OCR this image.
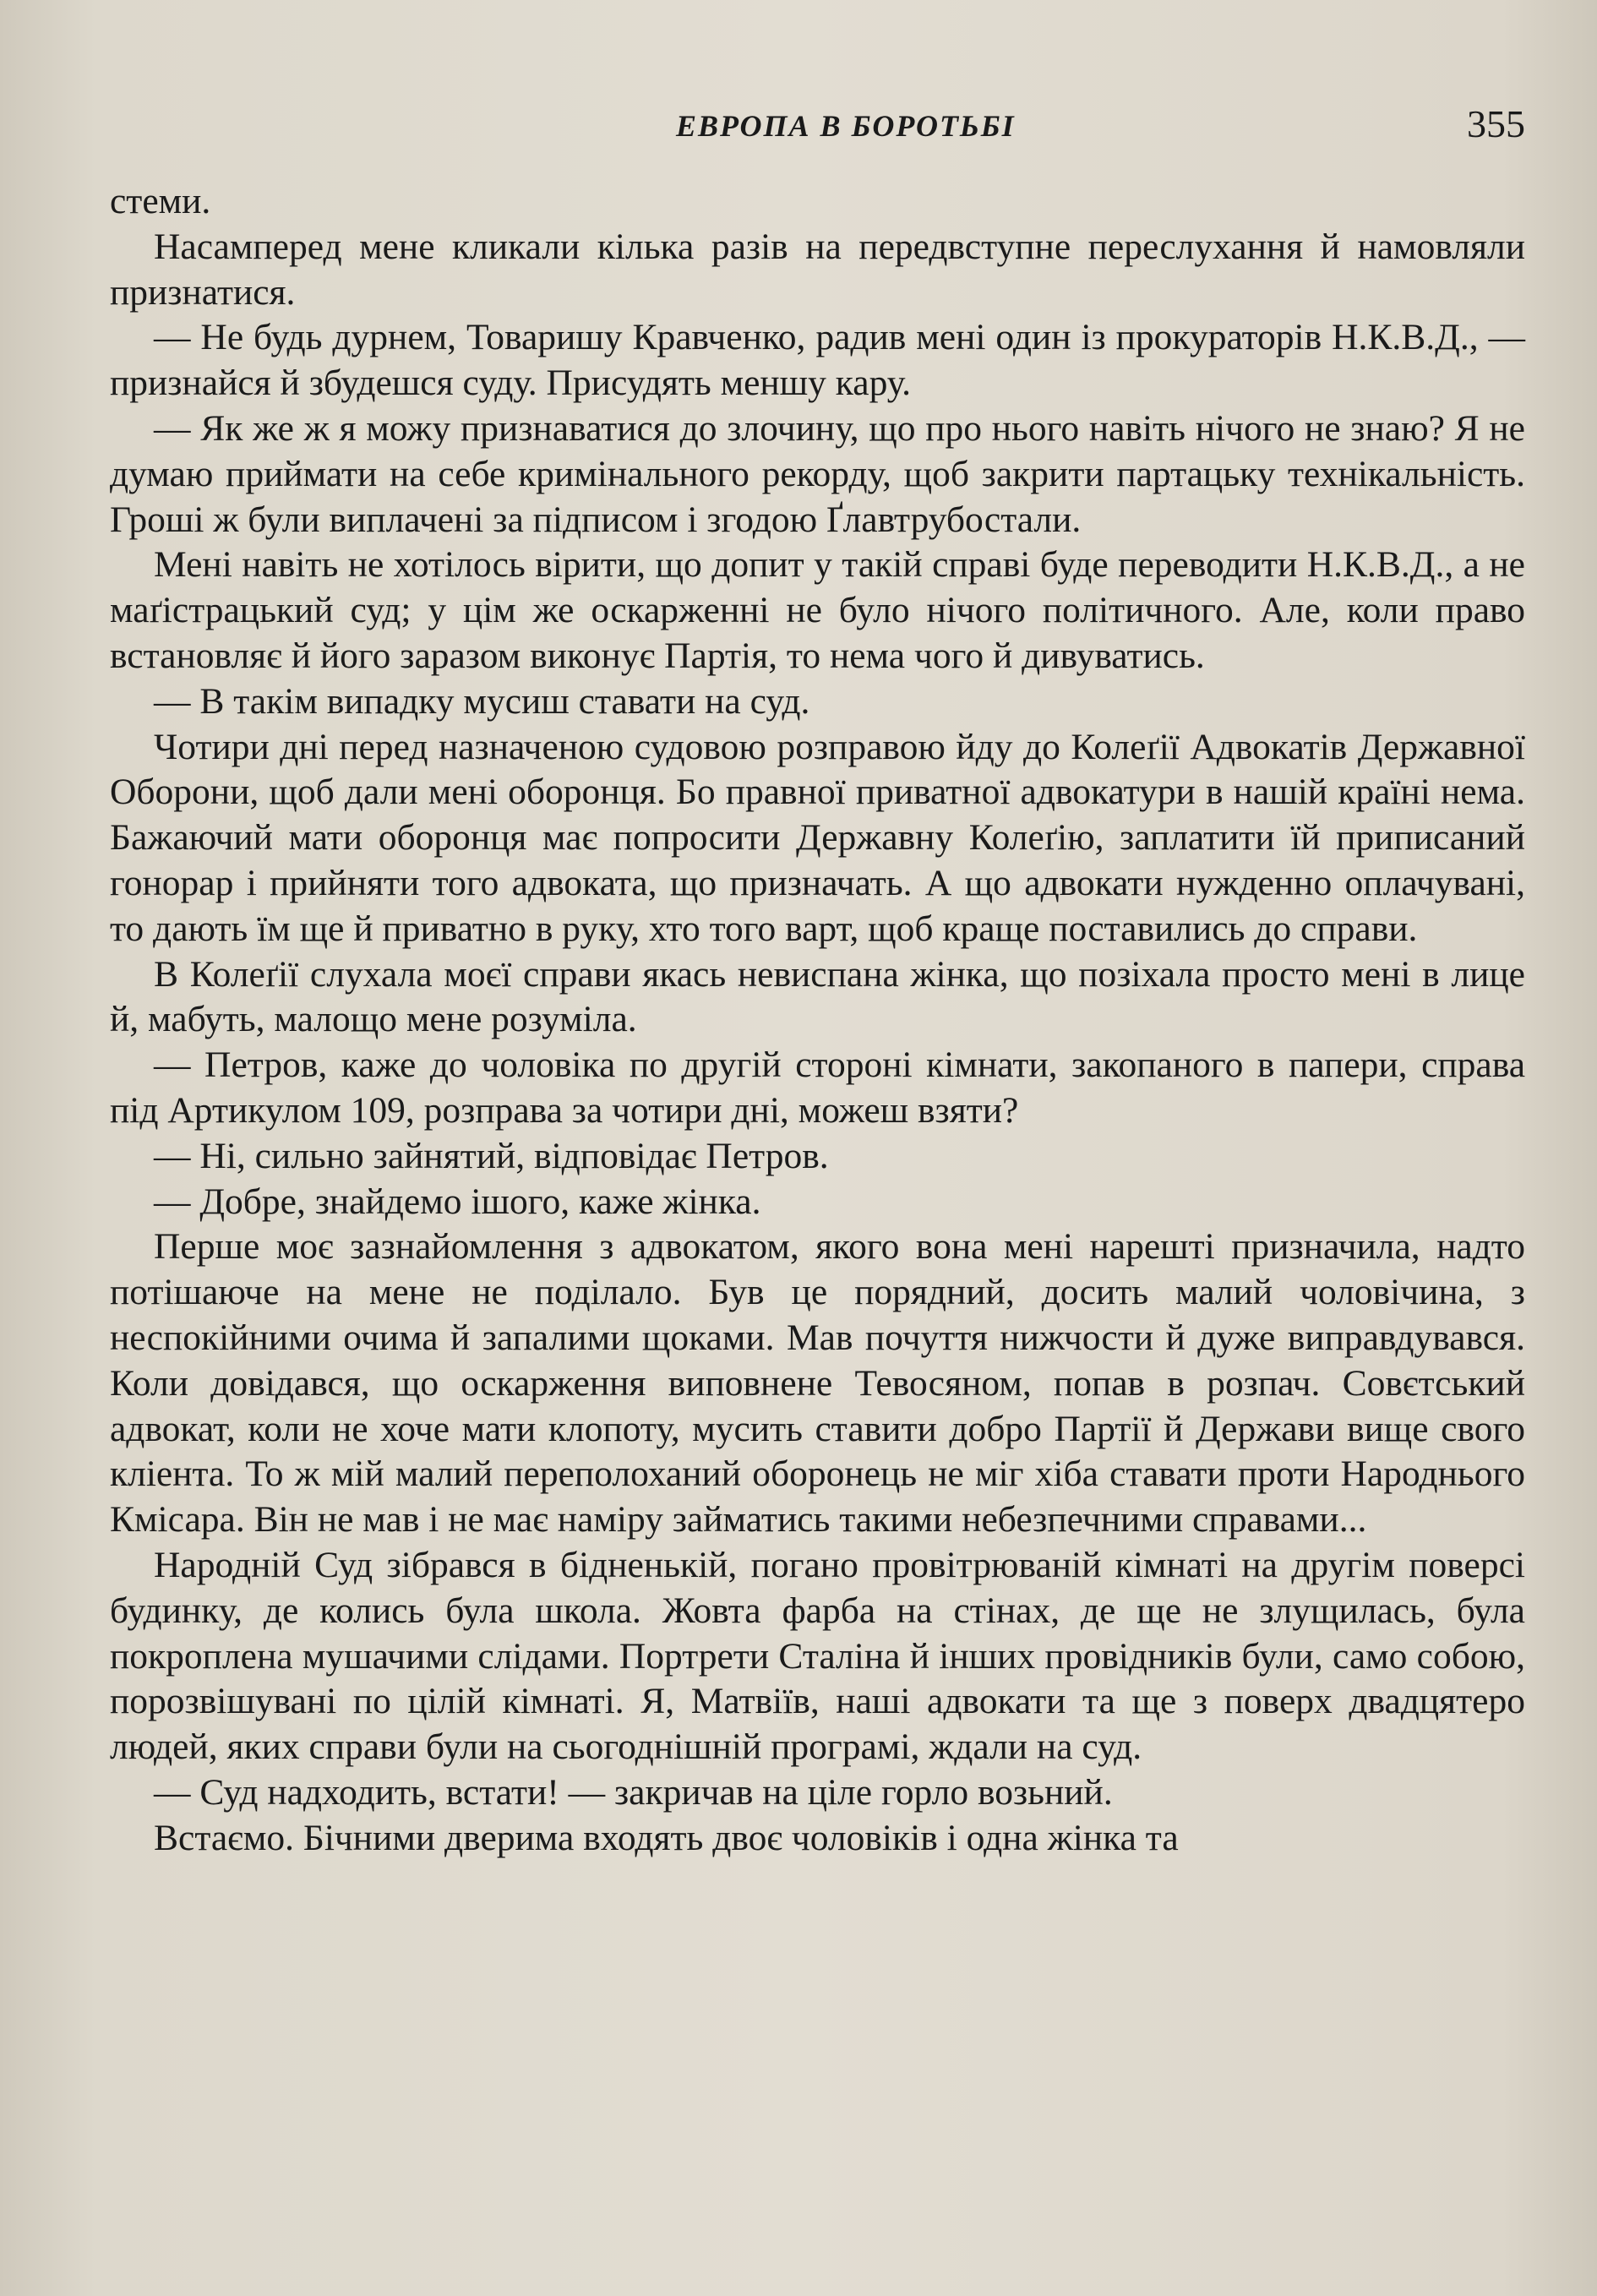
ЕВРОПА В БОРОТЬБІ	355

стеми.

Насамперед мене кликали кілька разів на передвступне переслухання й намовляли признатися.

— Не будь дурнем, Товаришу Кравченко, радив мені один із прокураторів Н.К.В.Д., — признайся й збудешся суду. Присудять меншу кару.

— Як же ж я можу признаватися до злочину, що про нього навіть нічого не знаю? Я не думаю приймати на себе кримінального рекорду, щоб закрити партацьку технікальність. Гроші ж були виплачені за підписом і згодою Ґлавтрубостали.

Мені навіть не хотілось вірити, що допит у такій справі буде переводити Н.К.В.Д., а не маґістрацький суд; у цім же оскарженні не було нічого політичного. Але, коли право встановляє й його заразом виконує Партія, то нема чого й дивуватись.

— В такім випадку мусиш ставати на суд.

Чотири дні перед назначеною судовою розправою йду до Колеґії Адвокатів Державної Оборони, щоб дали мені оборонця. Бо правної приватної адвокатури в нашій країні нема. Бажаючий мати оборонця має попросити Державну Колеґію, заплатити їй приписаний гонорар і прийняти того адвоката, що призначать. А що адвокати нужденно оплачувані, то дають їм ще й приватно в руку, хто того варт, щоб краще поставились до справи.

В Колеґії слухала моєї справи якась невиспана жінка, що позіхала просто мені в лице й, мабуть, малощо мене розуміла.

— Петров, каже до чоловіка по другій стороні кімнати, закопаного в папери, справа під Артикулом 109, розправа за чотири дні, можеш взяти?

— Ні, сильно зайнятий, відповідає Петров.

— Добре, знайдемо ішого, каже жінка.

Перше моє зазнайомлення з адвокатом, якого вона мені нарешті призначила, надто потішаюче на мене не поділало. Був це порядний, досить малий чоловічина, з неспокійними очима й запалими щоками. Мав почуття нижчости й дуже виправдувався. Коли довідався, що оскарження виповнене Тевосяном, попав в розпач. Совєтський адвокат, коли не хоче мати клопоту, мусить ставити добро Партії й Держави вище свого кліента. То ж мій малий переполоханий оборонець не міг хіба ставати проти Народнього Кмісара. Він не мав і не має наміру займатись такими небезпечними справами...

Народній Суд зібрався в бідненькій, погано провітрюваній кімнаті на другім поверсі будинку, де колись була школа. Жовта фарба на стінах, де ще не злущилась, була покроплена мушачими слідами. Портрети Сталіна й інших провідників були, само собою, порозвішувані по цілій кімнаті. Я, Матвіїв, наші адвокати та ще з поверх двадцятеро людей, яких справи були на сьогоднішній програмі, ждали на суд.

— Суд надходить, встати! — закричав на ціле горло возьний.

Встаємо. Бічними дверима входять двоє чоловіків і одна жінка та
